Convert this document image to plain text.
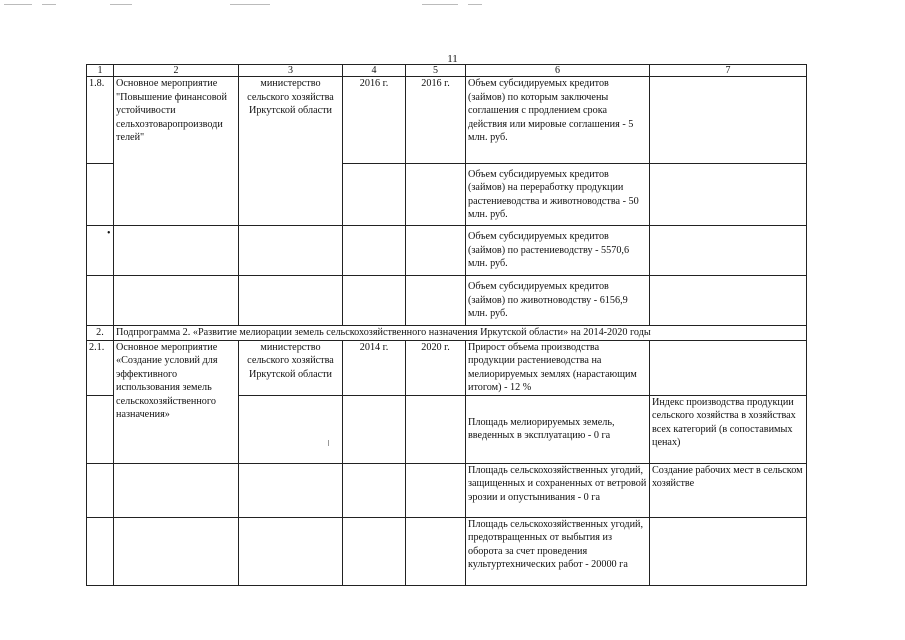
11
1	2	3	4	5	6	7
1.8.	Основное мероприятие "Повышение финансовой устойчивости сельхозтоваропроизводи телей"	министерство сельского хозяйства Иркутской области	2016 г.	2016 г.	Объем субсидируемых кредитов (займов) по которым заключены соглашения с продлением срока действия или мировые соглашения - 5 млн. руб.	
					Объем субсидируемых кредитов (займов) на переработку продукции растениеводства и животноводства - 50 млн. руб.	
					Объем субсидируемых кредитов (займов) по растениеводству - 5570,6 млн. руб.	
					Объем субсидируемых кредитов (займов) по животноводству - 6156,9 млн. руб.	
2.	Подпрограмма 2. «Развитие мелиорации земель сельскохозяйственного назначения Иркутской области» на 2014-2020 годы					
2.1.	Основное мероприятие «Создание условий для эффективного использования земель сельскохозяйственного назначения»	министерство сельского хозяйства Иркутской области	2014 г.	2020 г.	Прирост объема производства продукции растениеводства на мелиорируемых землях (нарастающим итогом) - 12 %	
					Площадь мелиорируемых земель, введенных в эксплуатацию - 0 га	Индекс производства продукции сельского хозяйства в хозяйствах всех категорий (в сопоставимых ценах)
					Площадь сельскохозяйственных угодий, защищенных и сохраненных от ветровой эрозии и опустынивания - 0 га	Создание рабочих мест в сельском хозяйстве
					Площадь сельскохозяйственных угодий, предотвращенных от выбытия из оборота за счет проведения культуртехнических работ - 20000 га	
•
